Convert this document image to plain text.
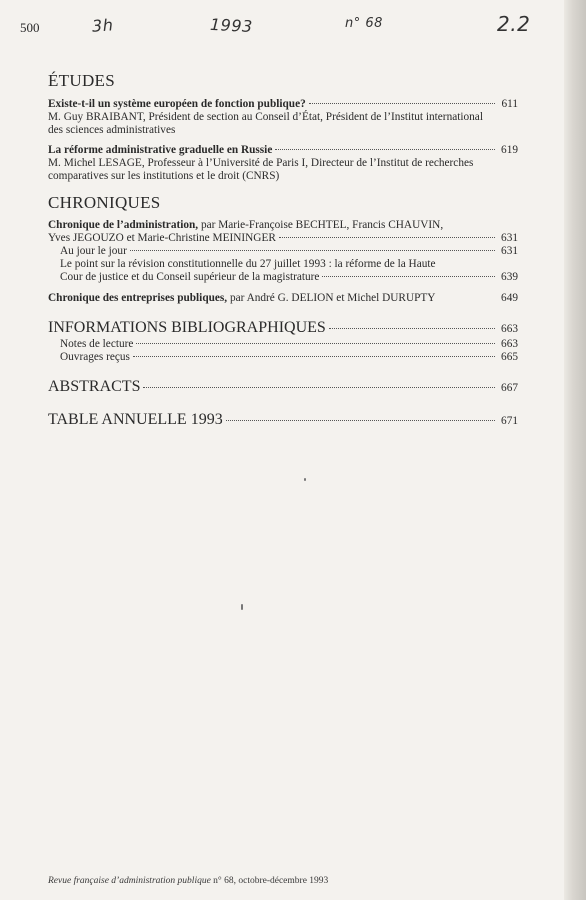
500	3h	1993	n° 68	2.2
ÉTUDES
Existe-t-il un système européen de fonction publique?	611
M. Guy BRAIBANT, Président de section au Conseil d’État, Président de l’Institut international des sciences administratives
La réforme administrative graduelle en Russie	619
M. Michel LESAGE, Professeur à l’Université de Paris I, Directeur de l’Institut de recherches comparatives sur les institutions et le droit (CNRS)
CHRONIQUES
Chronique de l’administration, par Marie-Françoise BECHTEL, Francis CHAUVIN,
Yves JEGOUZO et Marie-Christine MEININGER	631
Au jour le jour	631
Le point sur la révision constitutionnelle du 27 juillet 1993 : la réforme de la Haute
Cour de justice et du Conseil supérieur de la magistrature	639
Chronique des entreprises publiques, par André G. DELION et Michel DURUPTY	649
INFORMATIONS BIBLIOGRAPHIQUES	663
Notes de lecture	663
Ouvrages reçus	665
ABSTRACTS	667
TABLE ANNUELLE 1993	671
Revue française d’administration publique n° 68, octobre-décembre 1993
